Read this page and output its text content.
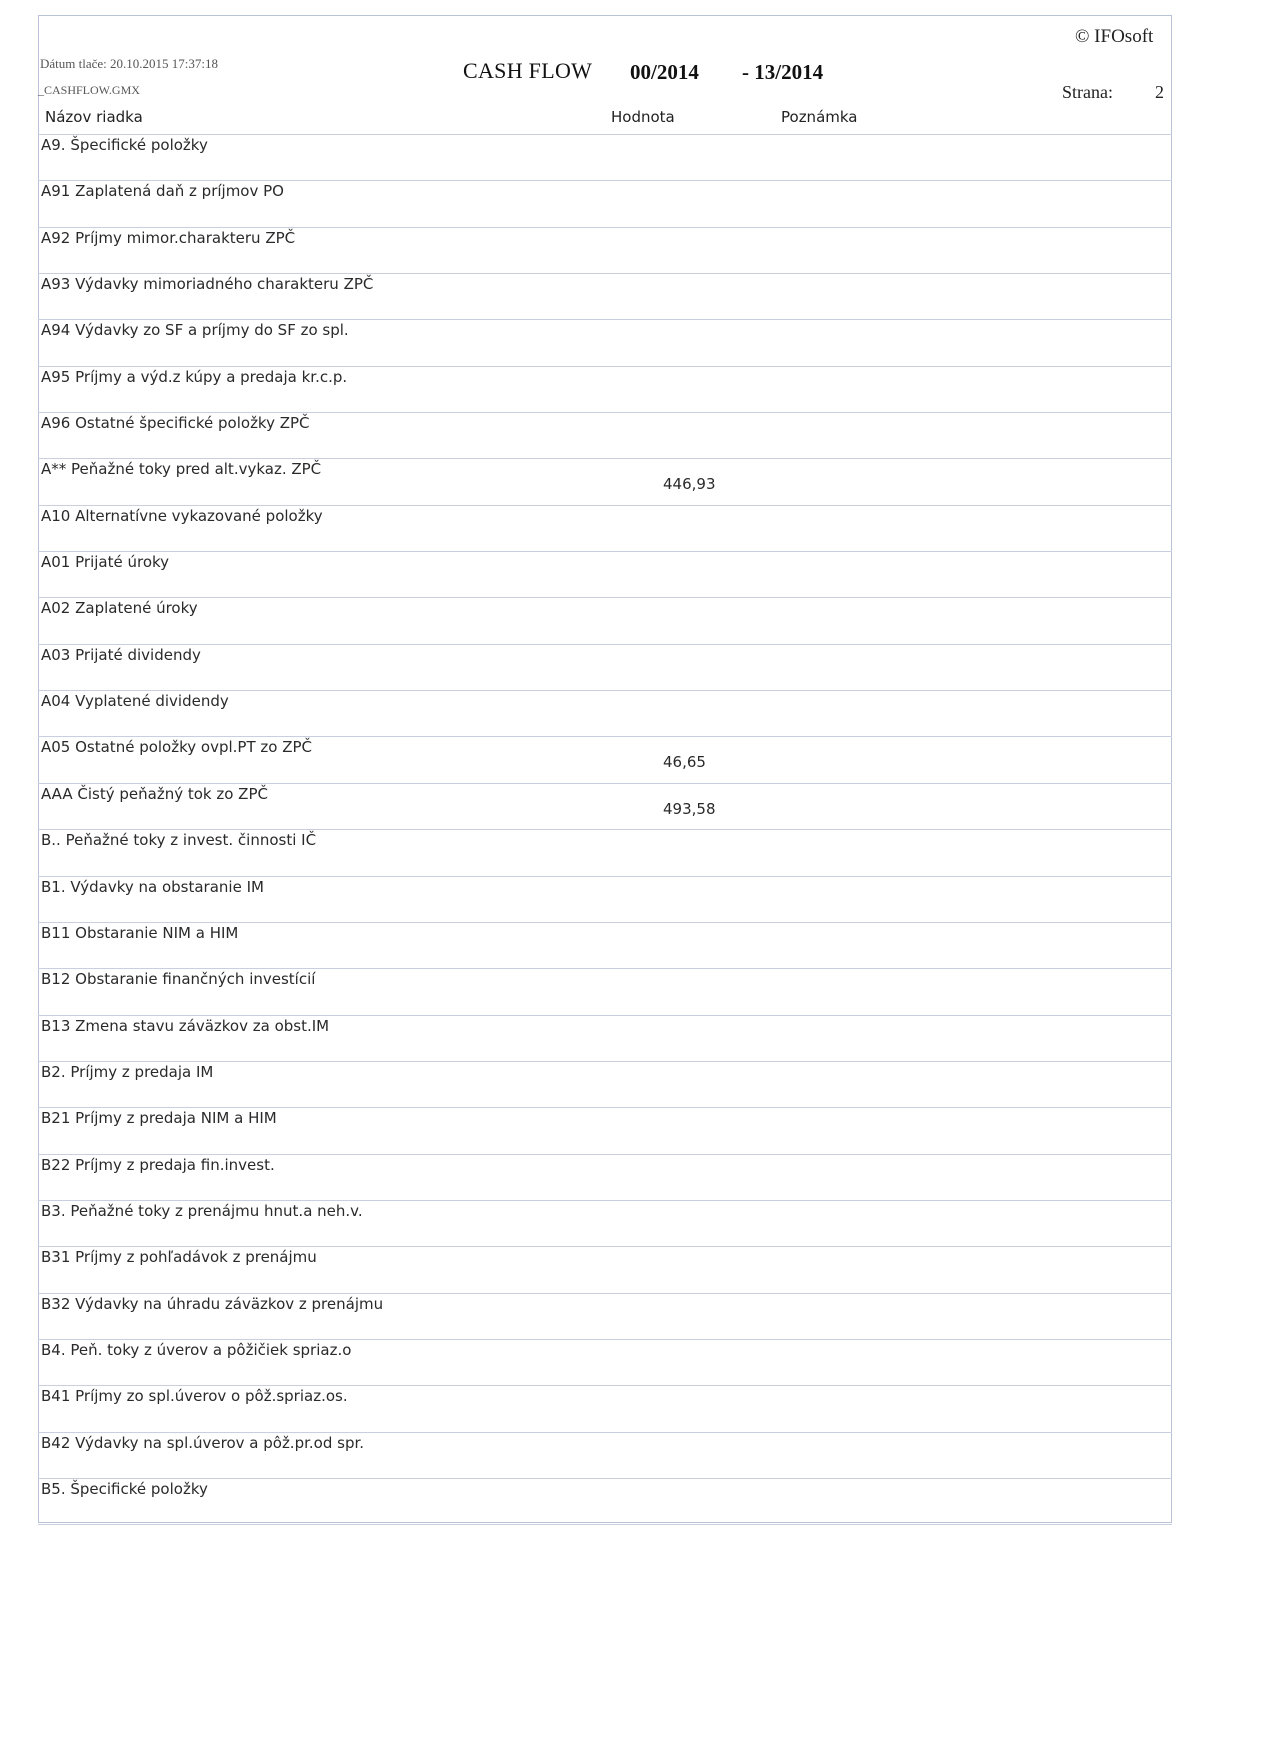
Dátum tlače: 20.10.2015 17:37:18
_CASHFLOW.GMX
CASH FLOW 00/2014 - 13/2014
© IFOsoft
Strana: 2
Názov riadka	Hodnota	Poznámka
A9. Špecifické položky
A91 Zaplatená daň z príjmov PO
A92 Príjmy mimor.charakteru ZPČ
A93 Výdavky mimoriadného charakteru ZPČ
A94 Výdavky zo SF a príjmy do SF zo spl.
A95 Príjmy a výd.z kúpy a predaja kr.c.p.
A96 Ostatné špecifické položky ZPČ
A** Peňažné toky pred alt.vykaz. ZPČ
446,93
A10 Alternatívne vykazované položky
A01 Prijaté úroky
A02 Zaplatené úroky
A03 Prijaté dividendy
A04 Vyplatené dividendy
A05 Ostatné položky ovpl.PT zo ZPČ
46,65
AAA Čistý peňažný tok zo ZPČ
493,58
B.. Peňažné toky z invest. činnosti IČ
B1. Výdavky na obstaranie IM
B11 Obstaranie NIM a HIM
B12 Obstaranie finančných investícií
B13 Zmena stavu záväzkov za obst.IM
B2. Príjmy z predaja IM
B21 Príjmy z predaja NIM a HIM
B22 Príjmy z predaja fin.invest.
B3. Peňažné toky z prenájmu hnut.a neh.v.
B31 Príjmy z pohľadávok z prenájmu
B32 Výdavky na úhradu záväzkov z prenájmu
B4. Peň. toky z úverov a pôžičiek spriaz.o
B41 Príjmy zo spl.úverov o pôž.spriaz.os.
B42 Výdavky na spl.úverov a pôž.pr.od spr.
B5. Špecifické položky
